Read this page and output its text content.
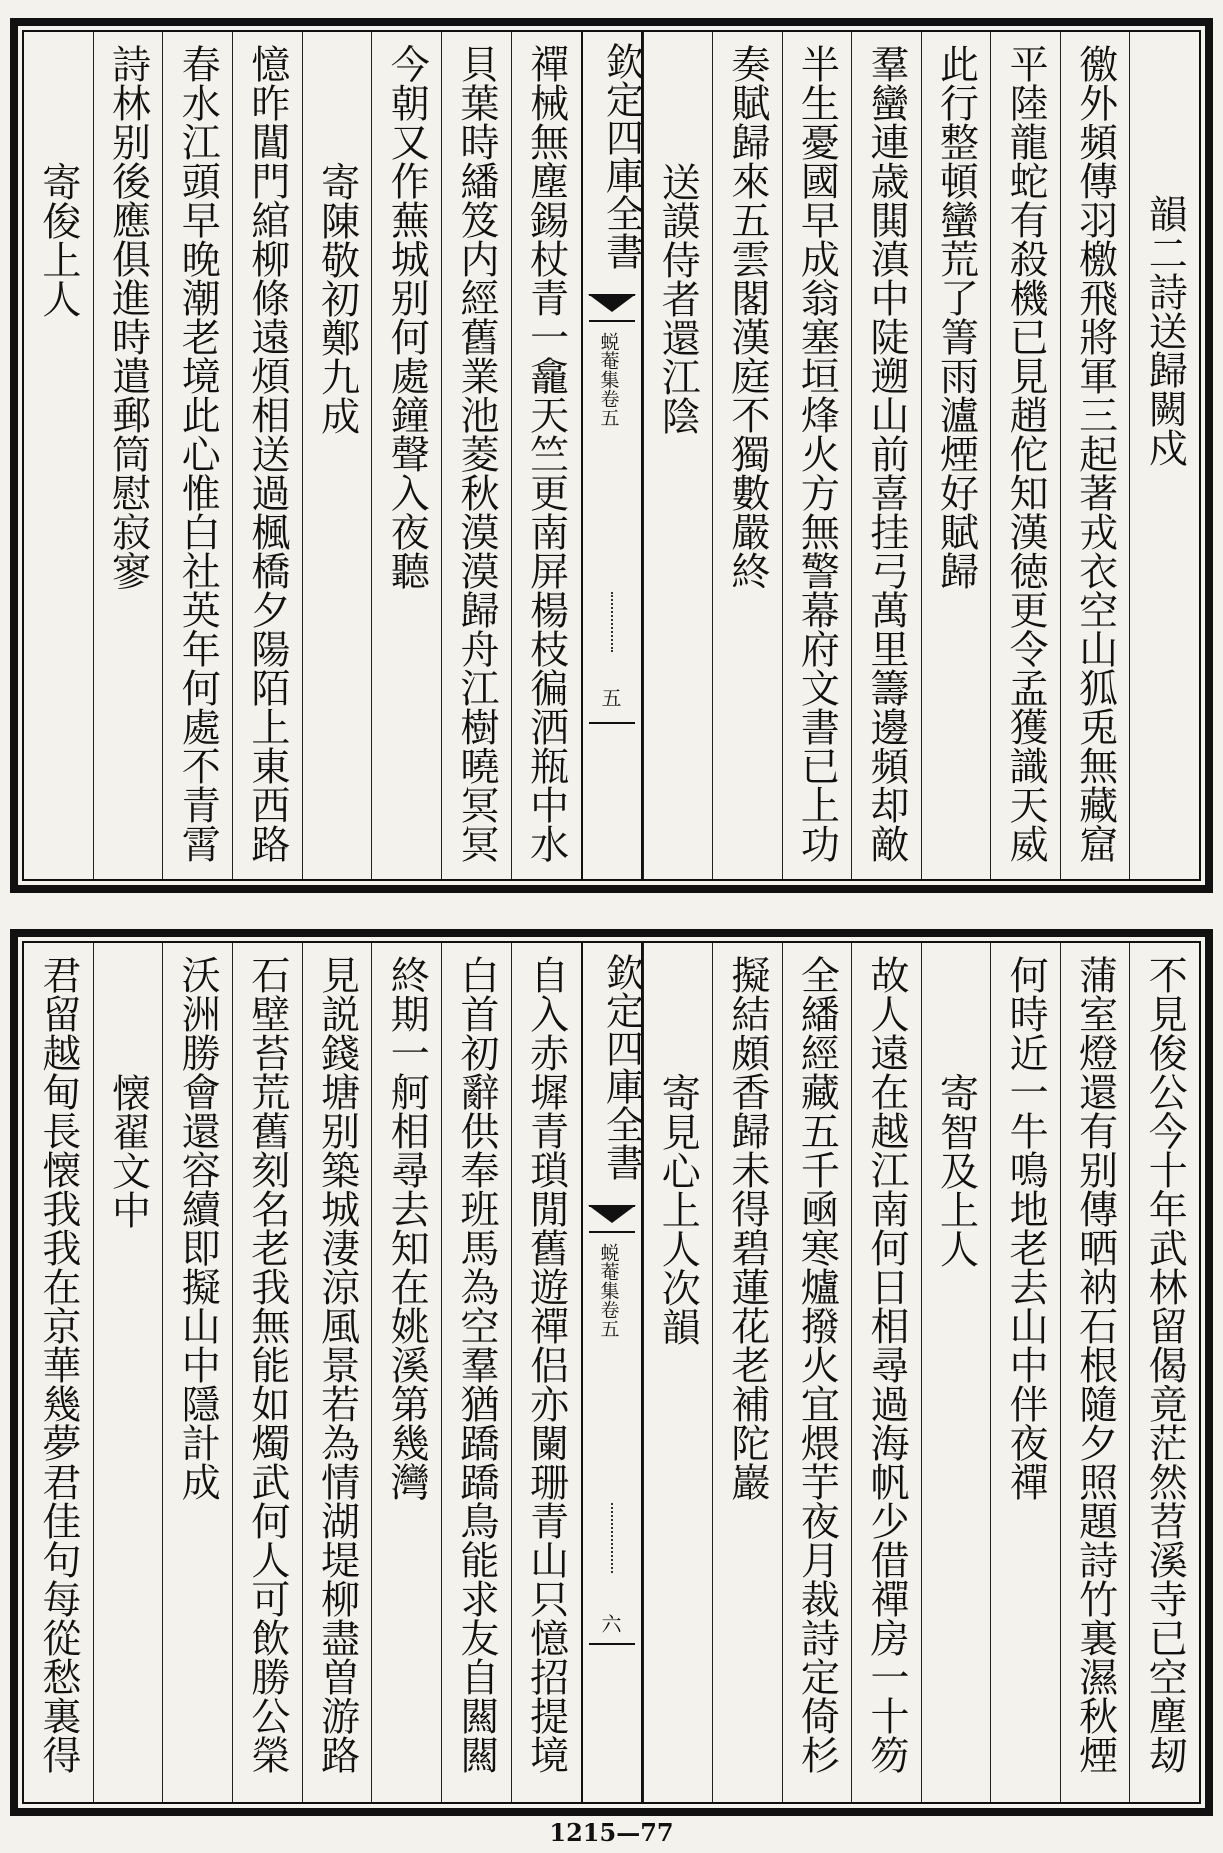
韻二詩送歸闕戍
徼外頻傳羽檄飛將軍三起著戎衣空山狐兎無藏窟
平陸龍蛇有殺機已見趙佗知漢徳更令孟獲識天威
此行整頓蠻荒了箐雨瀘煙好賦歸
羣蠻連歳閧滇中陡遡山前喜挂弓萬里籌邊頻却敵
半生憂國早成翁塞垣烽火方無警幕府文書已上功
奏賦歸來五雲閣漢庭不獨數嚴終
送謨侍者還江陰
欽定四庫全書
蜕菴集
卷五
五
禪械無塵錫杖青一龕天竺更南屏楊枝徧洒瓶中水
貝葉時繙笈内經舊業池菱秋漠漠歸舟江樹曉冥冥
今朝又作蕪城别何處鐘聲入夜聽
寄陳敬初鄭九成
憶昨閶門綰柳條遠煩相送過楓橋夕陽陌上東西路
春水江頭早晚潮老境此心惟白社英年何處不青霄
詩林别後應俱進時遣郵筒慰寂寥
寄俊上人
不見俊公今十年武林留偈竟茫然苕溪寺已空塵刼
蒲室燈還有别傳晒衲石根隨夕照題詩竹裏濕秋煙
何時近一牛鳴地老去山中伴夜禪
寄智及上人
故人遠在越江南何日相尋過海帆少借禪房一十笏
全繙經藏五千凾寒爐撥火宜煨芋夜月裁詩定倚杉
擬結頗香歸未得碧蓮花老補陀巖
寄見心上人次韻
欽定四庫全書
蜕菴集
卷五
六
自入赤墀青瑣閒舊遊禪侣亦闌珊青山只憶招提境
白首初辭供奉班馬為空羣猶蹻蹻鳥能求友自闗闗
終期一舸相尋去知在姚溪第幾灣
見説錢塘别築城淒涼風景若為情湖堤柳盡曽游路
石壁苔荒舊刻名老我無能如燭武何人可飲勝公榮
沃洲勝會還容續即擬山中隱計成
懐翟文中
君留越甸長懐我我在京華幾夢君佳句每從愁裏得
1215—77
